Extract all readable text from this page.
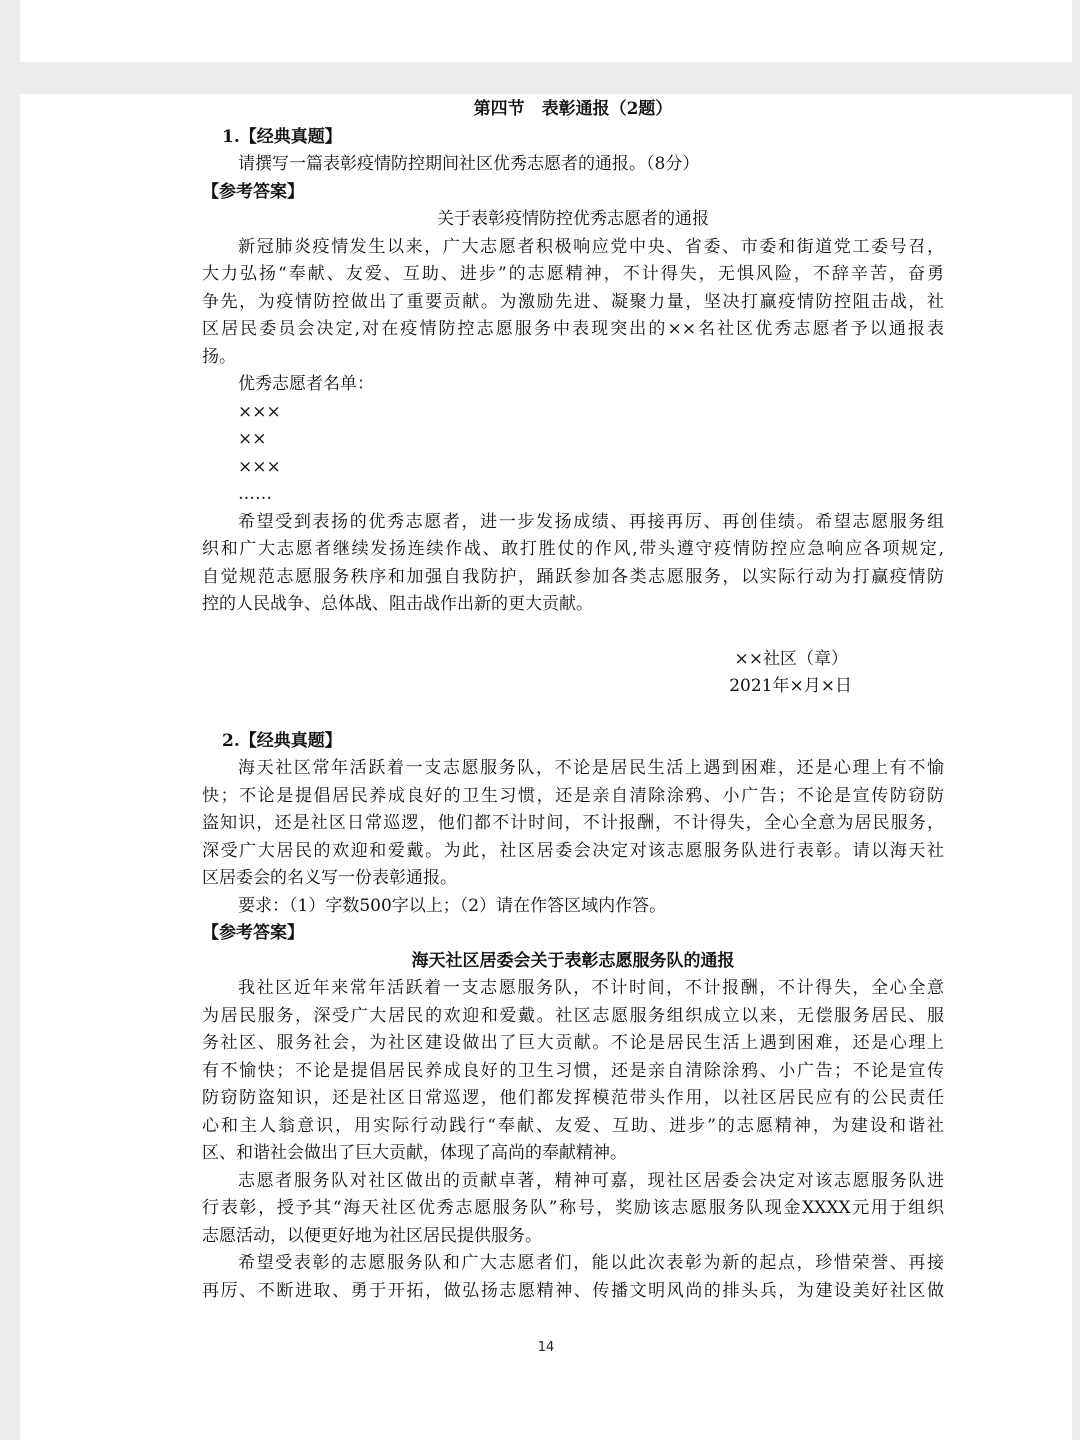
第四节　表彰通报（2题）
1.【经典真题】
请撰写一篇表彰疫情防控期间社区优秀志愿者的通报。（8分）
【参考答案】
关于表彰疫情防控优秀志愿者的通报
新冠肺炎疫情发生以来，广大志愿者积极响应党中央、省委、市委和街道党工委号召，
大力弘扬“奉献、友爱、互助、进步”的志愿精神，不计得失，无惧风险，不辞辛苦，奋勇
争先，为疫情防控做出了重要贡献。为激励先进、凝聚力量，坚决打赢疫情防控阻击战，社
区居民委员会决定,对在疫情防控志愿服务中表现突出的××名社区优秀志愿者予以通报表
扬。
优秀志愿者名单：
×××
××
×××
……
希望受到表扬的优秀志愿者，进一步发扬成绩、再接再厉、再创佳绩。希望志愿服务组
织和广大志愿者继续发扬连续作战、敢打胜仗的作风,带头遵守疫情防控应急响应各项规定,
自觉规范志愿服务秩序和加强自我防护，踊跃参加各类志愿服务，以实际行动为打赢疫情防
控的人民战争、总体战、阻击战作出新的更大贡献。
××社区（章）
2021年×月×日
2.【经典真题】
海天社区常年活跃着一支志愿服务队，不论是居民生活上遇到困难，还是心理上有不愉
快；不论是提倡居民养成良好的卫生习惯，还是亲自清除涂鸦、小广告；不论是宣传防窃防
盗知识，还是社区日常巡逻，他们都不计时间，不计报酬，不计得失，全心全意为居民服务，
深受广大居民的欢迎和爱戴。为此，社区居委会决定对该志愿服务队进行表彰。请以海天社
区居委会的名义写一份表彰通报。
要求：（1）字数500字以上；（2）请在作答区域内作答。
【参考答案】
海天社区居委会关于表彰志愿服务队的通报
我社区近年来常年活跃着一支志愿服务队，不计时间，不计报酬，不计得失，全心全意
为居民服务，深受广大居民的欢迎和爱戴。社区志愿服务组织成立以来，无偿服务居民、服
务社区、服务社会，为社区建设做出了巨大贡献。不论是居民生活上遇到困难，还是心理上
有不愉快；不论是提倡居民养成良好的卫生习惯，还是亲自清除涂鸦、小广告；不论是宣传
防窃防盗知识，还是社区日常巡逻，他们都发挥模范带头作用，以社区居民应有的公民责任
心和主人翁意识，用实际行动践行“奉献、友爱、互助、进步”的志愿精神，为建设和谐社
区、和谐社会做出了巨大贡献，体现了高尚的奉献精神。
志愿者服务队对社区做出的贡献卓著，精神可嘉，现社区居委会决定对该志愿服务队进
行表彰，授予其“海天社区优秀志愿服务队”称号，奖励该志愿服务队现金XXXX元用于组织
志愿活动，以便更好地为社区居民提供服务。
希望受表彰的志愿服务队和广大志愿者们，能以此次表彰为新的起点，珍惜荣誉、再接
再厉、不断进取、勇于开拓，做弘扬志愿精神、传播文明风尚的排头兵，为建设美好社区做
14
